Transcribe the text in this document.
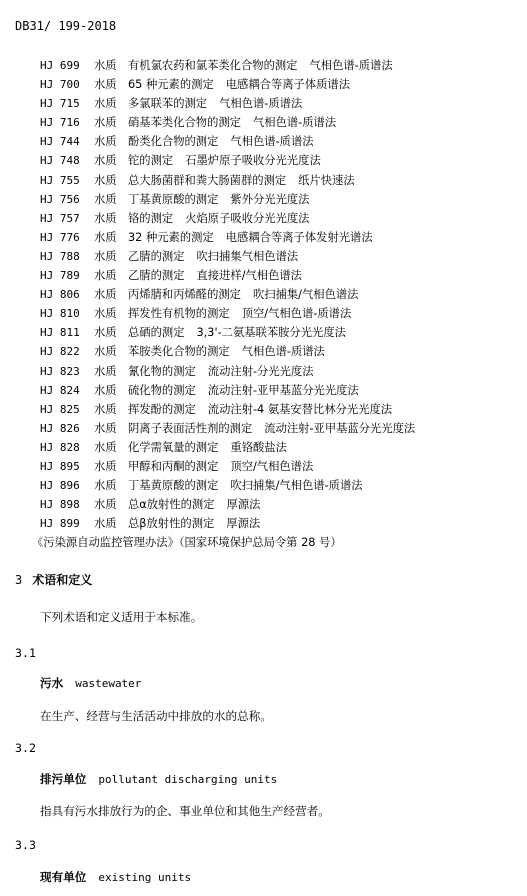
DB31/ 199-2018
HJ 699 水质 有机氯农药和氯苯类化合物的测定 气相色谱-质谱法
HJ 700 水质 65 种元素的测定 电感耦合等离子体质谱法
HJ 715 水质 多氯联苯的测定 气相色谱-质谱法
HJ 716 水质 硝基苯类化合物的测定 气相色谱-质谱法
HJ 744 水质 酚类化合物的测定 气相色谱-质谱法
HJ 748 水质 铊的测定 石墨炉原子吸收分光光度法
HJ 755 水质 总大肠菌群和粪大肠菌群的测定 纸片快速法
HJ 756 水质 丁基黄原酸的测定 紫外分光光度法
HJ 757 水质 铬的测定 火焰原子吸收分光光度法
HJ 776 水质 32 种元素的测定 电感耦合等离子体发射光谱法
HJ 788 水质 乙腈的测定 吹扫捕集气相色谱法
HJ 789 水质 乙腈的测定 直接进样/气相色谱法
HJ 806 水质 丙烯腈和丙烯醛的测定 吹扫捕集/气相色谱法
HJ 810 水质 挥发性有机物的测定 顶空/气相色谱-质谱法
HJ 811 水质 总硒的测定 3,3'-二氨基联苯胺分光光度法
HJ 822 水质 苯胺类化合物的测定 气相色谱-质谱法
HJ 823 水质 氰化物的测定 流动注射-分光光度法
HJ 824 水质 硫化物的测定 流动注射-亚甲基蓝分光光度法
HJ 825 水质 挥发酚的测定 流动注射-4 氨基安替比林分光光度法
HJ 826 水质 阴离子表面活性剂的测定 流动注射-亚甲基蓝分光光度法
HJ 828 水质 化学需氧量的测定 重铬酸盐法
HJ 895 水质 甲醇和丙酮的测定 顶空/气相色谱法
HJ 896 水质 丁基黄原酸的测定 吹扫捕集/气相色谱-质谱法
HJ 898 水质 总α放射性的测定 厚源法
HJ 899 水质 总β放射性的测定 厚源法
《污染源自动监控管理办法》（国家环境保护总局令第 28 号）
3 术语和定义
下列术语和定义适用于本标准。
3.1
污水 wastewater
在生产、经营与生活活动中排放的水的总称。
3.2
排污单位 pollutant discharging units
指具有污水排放行为的企、事业单位和其他生产经营者。
3.3
现有单位 existing units
